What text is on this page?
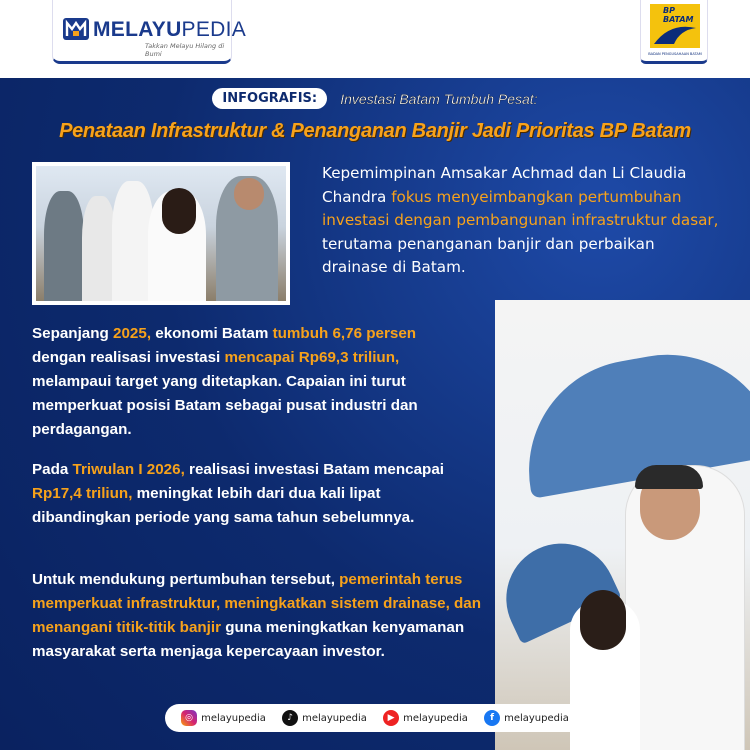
MELAYUPEDIA
Takkan Melayu Hilang di Bumi
BP BATAM
BADAN PENGUSAHAAN BATAM
INFOGRAFIS: Investasi Batam Tumbuh Pesat:
Penataan Infrastruktur & Penanganan Banjir Jadi Prioritas BP Batam
Kepemimpinan Amsakar Achmad dan Li Claudia Chandra fokus menyeimbangkan pertumbuhan investasi dengan pembangunan infrastruktur dasar, terutama penanganan banjir dan perbaikan drainase di Batam.
Sepanjang 2025, ekonomi Batam tumbuh 6,76 persen dengan realisasi investasi mencapai Rp69,3 triliun, melampaui target yang ditetapkan. Capaian ini turut memperkuat posisi Batam sebagai pusat industri dan perdagangan.
Pada Triwulan I 2026, realisasi investasi Batam mencapai Rp17,4 triliun, meningkat lebih dari dua kali lipat dibandingkan periode yang sama tahun sebelumnya.
Untuk mendukung pertumbuhan tersebut, pemerintah terus memperkuat infrastruktur, meningkatkan sistem drainase, dan menangani titik-titik banjir guna meningkatkan kenyamanan masyarakat serta menjaga kepercayaan investor.
◎ melayupedia	♪ melayupedia	▶ melayupedia	f	melayupedia
